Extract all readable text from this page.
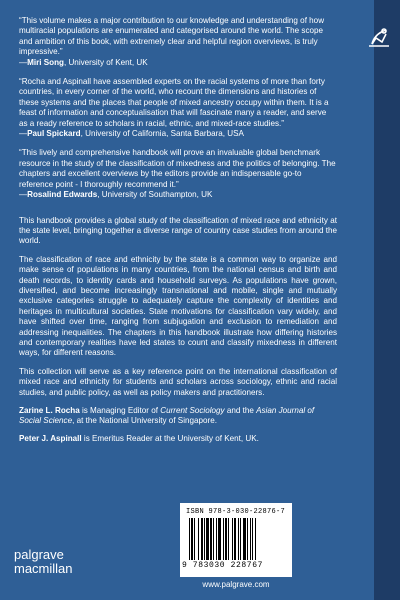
“This volume makes a major contribution to our knowledge and understanding of how multiracial populations are enumerated and categorised around the world. The scope and ambition of this book, with extremely clear and helpful region overviews, is truly impressive.”
—Miri Song, University of Kent, UK
“Rocha and Aspinall have assembled experts on the racial systems of more than forty countries, in every corner of the world, who recount the dimensions and histories of these systems and the places that people of mixed ancestry occupy within them. It is a feast of information and conceptualisation that will fascinate many a reader, and serve as a ready reference to scholars in racial, ethnic, and mixed-race studies.”
—Paul Spickard, University of California, Santa Barbara, USA
“This lively and comprehensive handbook will prove an invaluable global benchmark resource in the study of the classification of mixedness and the politics of belonging. The chapters and excellent overviews by the editors provide an indispensable go-to reference point - I thoroughly recommend it.”
—Rosalind Edwards, University of Southampton, UK

This handbook provides a global study of the classification of mixed race and ethnicity at the state level, bringing together a diverse range of country case studies from around the world.

The classification of race and ethnicity by the state is a common way to organize and make sense of populations in many countries, from the national census and birth and death records, to identity cards and household surveys. As populations have grown, diversified, and become increasingly transnational and mobile, single and mutually exclusive categories struggle to adequately capture the complexity of identities and heritages in multicultural societies. State motivations for classification vary widely, and have shifted over time, ranging from subjugation and exclusion to remediation and addressing inequalities. The chapters in this handbook illustrate how differing histories and contemporary realities have led states to count and classify mixedness in different ways, for different reasons.

This collection will serve as a key reference point on the international classification of mixed race and ethnicity for students and scholars across sociology, ethnic and racial studies, and public policy, as well as policy makers and practitioners.

Zarine L. Rocha is Managing Editor of Current Sociology and the Asian Journal of Social Science, at the National University of Singapore.

Peter J. Aspinall is Emeritus Reader at the University of Kent, UK.

palgrave
macmillan
ISBN 978-3-030-22876-7
9 783030 228767
www.palgrave.com
